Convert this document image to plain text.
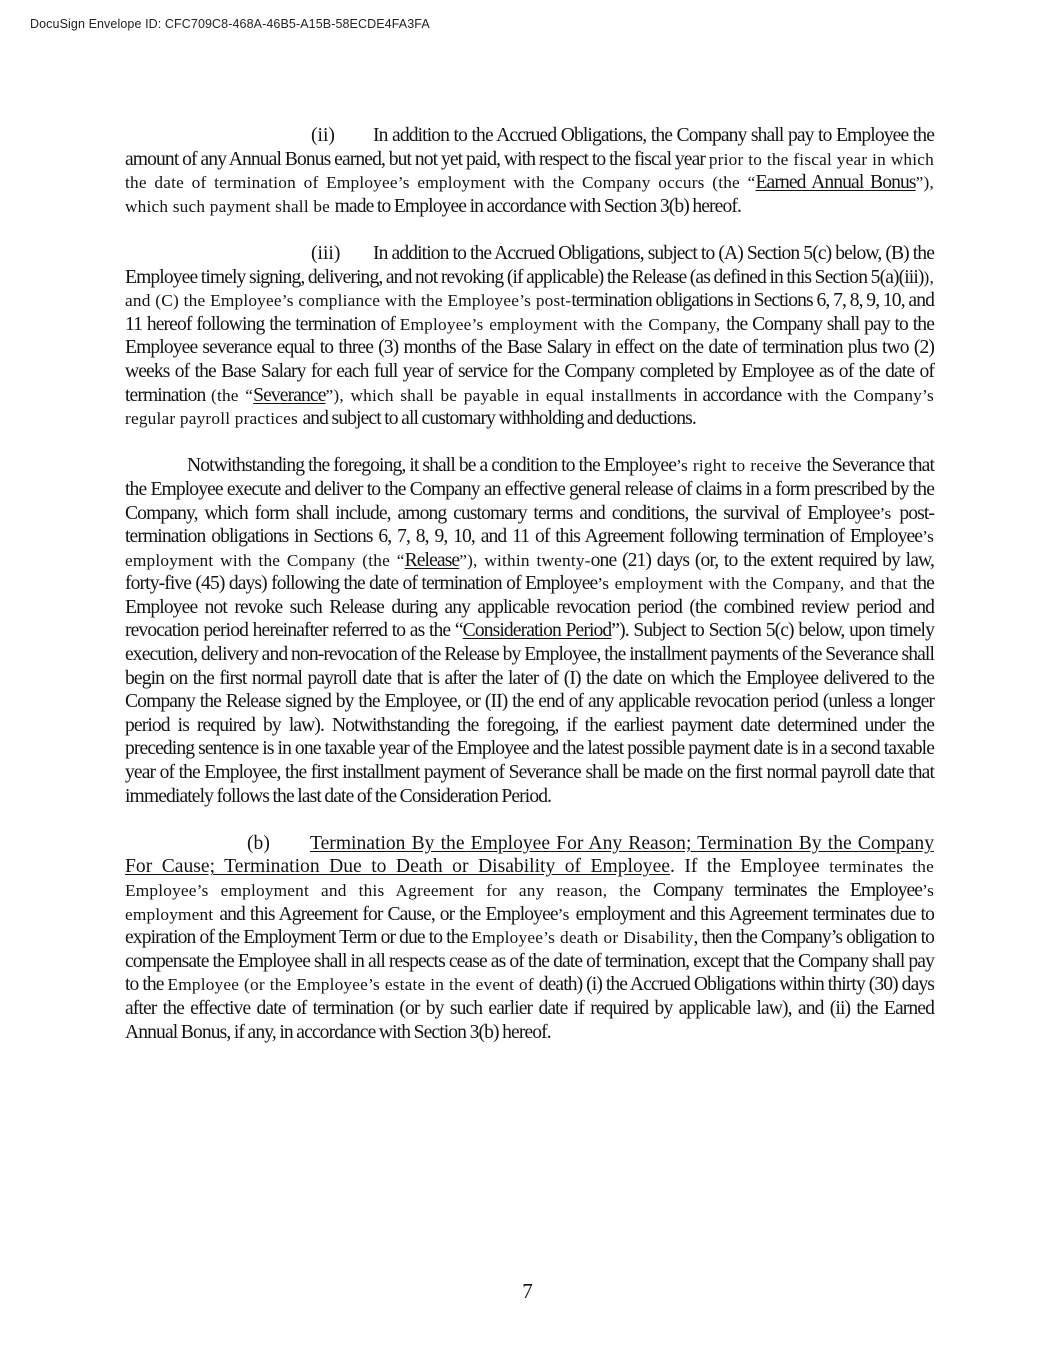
DocuSign Envelope ID: CFC709C8-468A-46B5-A15B-58ECDE4FA3FA

(ii) In addition to the Accrued Obligations, the Company shall pay to Employee the amount of any Annual Bonus earned, but not yet paid, with respect to the fiscal year prior to the fiscal year in which the date of termination of Employee’s employment with the Company occurs (the “Earned Annual Bonus”), which such payment shall be made to Employee in accordance with Section 3(b) hereof.

(iii) In addition to the Accrued Obligations, subject to (A) Section 5(c) below, (B) the Employee timely signing, delivering, and not revoking (if applicable) the Release (as defined in this Section 5(a)(iii)), and (C) the Employee’s compliance with the Employee’s post-termination obligations in Sections 6, 7, 8, 9, 10, and 11 hereof following the termination of Employee’s employment with the Company, the Company shall pay to the Employee severance equal to three (3) months of the Base Salary in effect on the date of termination plus two (2) weeks of the Base Salary for each full year of service for the Company completed by Employee as of the date of termination (the “Severance”), which shall be payable in equal installments in accordance with the Company’s regular payroll practices and subject to all customary withholding and deductions.

Notwithstanding the foregoing, it shall be a condition to the Employee’s right to receive the Severance that the Employee execute and deliver to the Company an effective general release of claims in a form prescribed by the Company, which form shall include, among customary terms and conditions, the survival of Employee’s post-termination obligations in Sections 6, 7, 8, 9, 10, and 11 of this Agreement following termination of Employee’s employment with the Company (the “Release”), within twenty-one (21) days (or, to the extent required by law, forty-five (45) days) following the date of termination of Employee’s employment with the Company, and that the Employee not revoke such Release during any applicable revocation period (the combined review period and revocation period hereinafter referred to as the “Consideration Period”). Subject to Section 5(c) below, upon timely execution, delivery and non-revocation of the Release by Employee, the installment payments of the Severance shall begin on the first normal payroll date that is after the later of (I) the date on which the Employee delivered to the Company the Release signed by the Employee, or (II) the end of any applicable revocation period (unless a longer period is required by law). Notwithstanding the foregoing, if the earliest payment date determined under the preceding sentence is in one taxable year of the Employee and the latest possible payment date is in a second taxable year of the Employee, the first installment payment of Severance shall be made on the first normal payroll date that immediately follows the last date of the Consideration Period.

(b) Termination By the Employee For Any Reason; Termination By the Company For Cause; Termination Due to Death or Disability of Employee. If the Employee terminates the Employee’s employment and this Agreement for any reason, the Company terminates the Employee’s employment and this Agreement for Cause, or the Employee’s employment and this Agreement terminates due to expiration of the Employment Term or due to the Employee’s death or Disability, then the Company’s obligation to compensate the Employee shall in all respects cease as of the date of termination, except that the Company shall pay to the Employee (or the Employee’s estate in the event of death) (i) the Accrued Obligations within thirty (30) days after the effective date of termination (or by such earlier date if required by applicable law), and (ii) the Earned Annual Bonus, if any, in accordance with Section 3(b) hereof.

7
